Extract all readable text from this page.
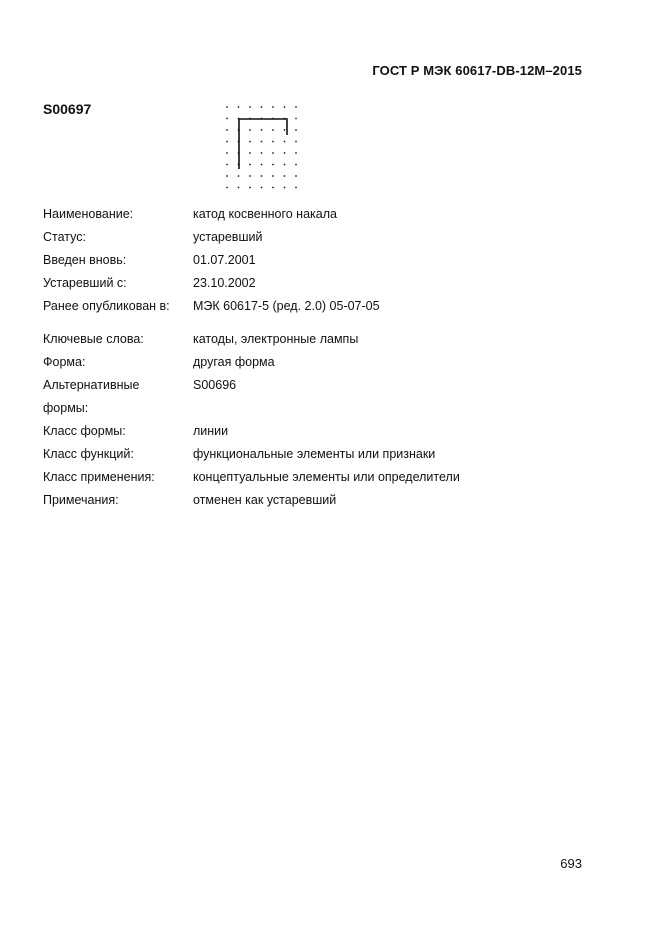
ГОСТ Р МЭК 60617-DB-12M–2015
S00697
Наименование:	катод косвенного накала
Статус:	устаревший
Введен вновь:	01.07.2001
Устаревший с:	23.10.2002
Ранее опубликован в:	МЭК 60617-5 (ред. 2.0) 05-07-05
Ключевые слова:	катоды, электронные лампы
Форма:	другая форма
Альтернативные формы:
S00696
Класс формы:	линии
Класс функций:	функциональные элементы или признаки
Класс применения:	концептуальные элементы или определители
Примечания:	отменен как устаревший
693
